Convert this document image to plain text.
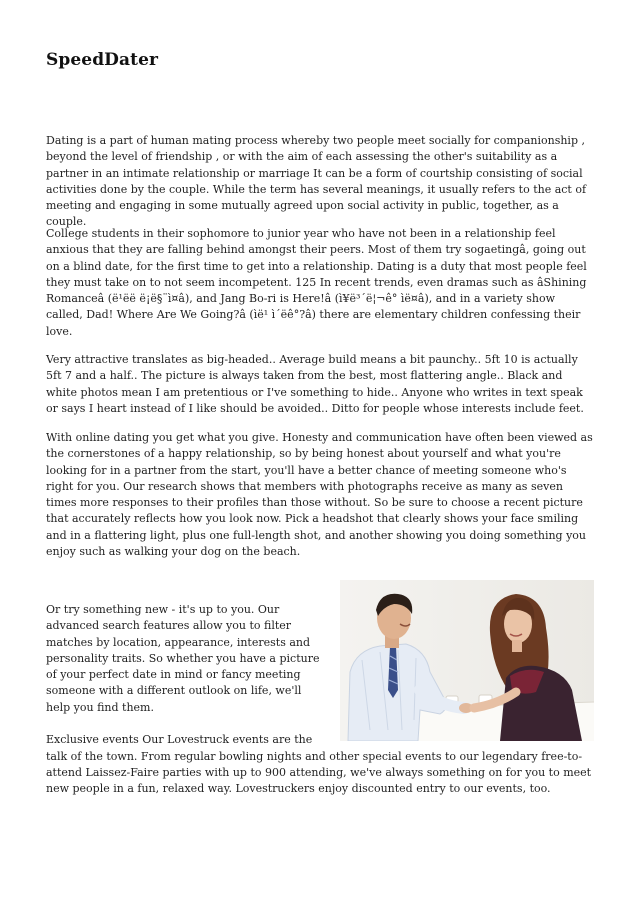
SpeedDater

Dating is a part of human mating process whereby two people meet socially for companionship , beyond the level of friendship , or with the aim of each assessing the other's suitability as a partner in an intimate relationship or marriage It can be a form of courtship consisting of social activities done by the couple. While the term has several meanings, it usually refers to the act of meeting and engaging in some mutually agreed upon social activity in public, together, as a couple.

College students in their sophomore to junior year who have not been in a relationship feel anxious that they are falling behind amongst their peers. Most of them try sogaetingâ, going out on a blind date, for the first time to get into a relationship. Dating is a duty that most people feel they must take on to not seem incompetent. 125 In recent trends, even dramas such as âShining Romanceâ (ë¹ëë ë¡ë§¨ì¤â), and Jang Bo-ri is Here!â (ì¥ë³´ë¦¬ê° ìë¤â), and in a variety show called, Dad! Where Are We Going?â (ìë¹ ì´ëê°?â) there are elementary children confessing their love.

Very attractive translates as big-headed.. Average build means a bit paunchy.. 5ft 10 is actually 5ft 7 and a half.. The picture is always taken from the best, most flattering angle.. Black and white photos mean I am pretentious or I've something to hide.. Anyone who writes in text speak or says I heart instead of I like should be avoided.. Ditto for people whose interests include feet.

With online dating you get what you give. Honesty and communication have often been viewed as the cornerstones of a happy relationship, so by being honest about yourself and what you're looking for in a partner from the start, you'll have a better chance of meeting someone who's right for you. Our research shows that members with photographs receive as many as seven times more responses to their profiles than those without. So be sure to choose a recent picture that accurately reflects how you look now. Pick a headshot that clearly shows your face smiling and in a flattering light, plus one full-length shot, and another showing you doing something you enjoy such as walking your dog on the beach.

Or try something new - it's up to you. Our advanced search features allow you to filter matches by location, appearance, interests and personality traits. So whether you have a picture of your perfect date in mind or fancy meeting someone with a different outlook on life, we'll help you find them.

Exclusive events Our Lovestruck events are the talk of the town. From regular bowling nights and other special events to our legendary free-to-attend Laissez-Faire parties with up to 900 attending, we've always something on for you to meet new people in a fun, relaxed way. Lovestruckers enjoy discounted entry to our events, too.
